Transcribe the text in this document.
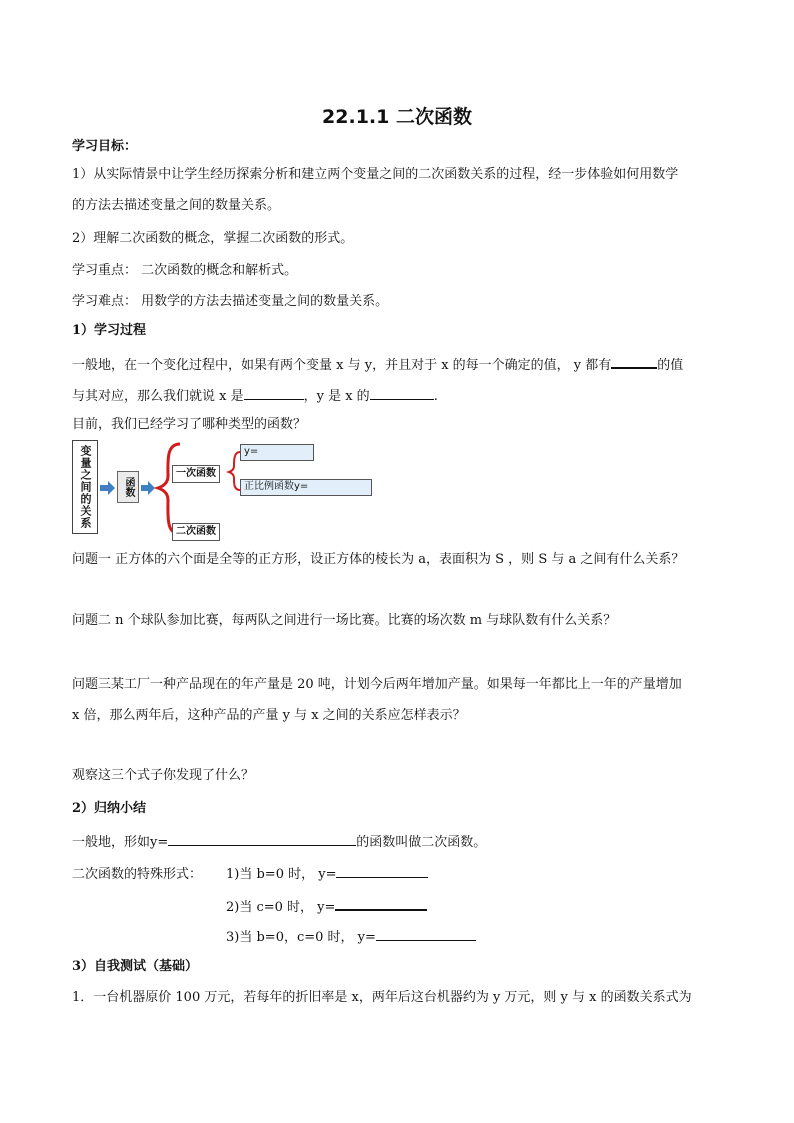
22.1.1 二次函数
学习目标：
1）从实际情景中让学生经历探索分析和建立两个变量之间的二次函数关系的过程，经一步体验如何用数学
的方法去描述变量之间的数量关系。
2）理解二次函数的概念，掌握二次函数的形式。
学习重点： 二次函数的概念和解析式。
学习难点： 用数学的方法去描述变量之间的数量关系。
1）学习过程
一般地，在一个变化过程中，如果有两个变量 x 与 y，并且对于 x 的每一个确定的值， y 都有	的值
与其对应，那么我们就说 x 是	，y 是 x 的	.
目前，我们已经学习了哪种类型的函数？
变量之间的关系	函数
一次函数
二次函数
y=
正比例函数y=
问题一 正方体的六个面是全等的正方形，设正方体的棱长为 a，表面积为 S ，则 S 与 a 之间有什么关系？
问题二 n 个球队参加比赛，每两队之间进行一场比赛。比赛的场次数 m 与球队数有什么关系？
问题三某工厂一种产品现在的年产量是 20 吨，计划今后两年增加产量。如果每一年都比上一年的产量增加
x 倍，那么两年后，这种产品的产量 y 与 x 之间的关系应怎样表示？
观察这三个式子你发现了什么？
2）归纳小结
一般地，形如y=	的函数叫做二次函数。
二次函数的特殊形式： 1)当 b=0 时， y=
2)当 c=0 时， y=
3)当 b=0，c=0 时， y=
3）自我测试（基础）
1．一台机器原价 100 万元，若每年的折旧率是 x，两年后这台机器约为 y 万元，则 y 与 x 的函数关系式为
